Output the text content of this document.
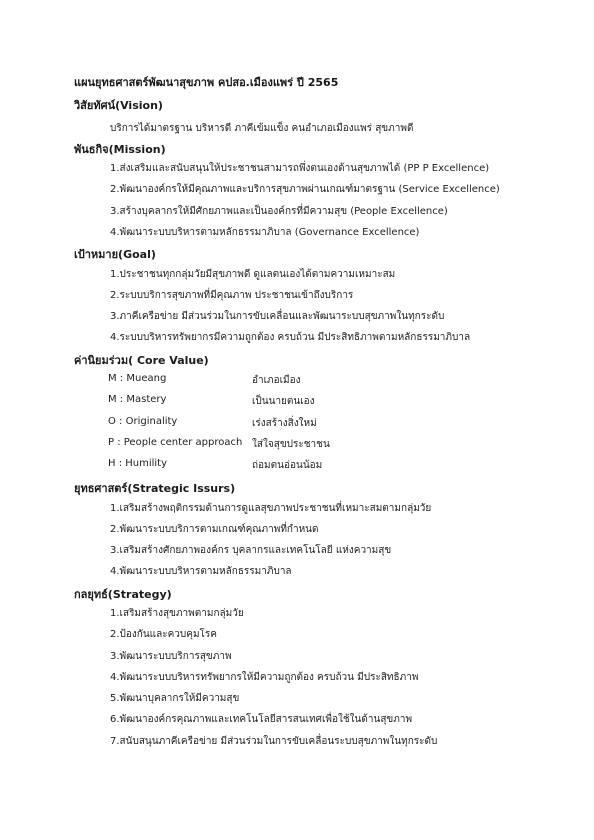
แผนยุทธศาสตร์พัฒนาสุขภาพ คปสอ.เมืองแพร่ ปี 2565
วิสัยทัศน์(Vision)
บริการได้มาตรฐาน บริหารดี ภาคีเข้มแข็ง คนอำเภอเมืองแพร่ สุขภาพดี
พันธกิจ(Mission)
1.ส่งเสริมและสนับสนุนให้ประชาชนสามารถพึ่งตนเองด้านสุขภาพได้ (PP P Excellence)
2.พัฒนาองค์กรให้มีคุณภาพและบริการสุขภาพผ่านเกณฑ์มาตรฐาน (Service Excellence)
3.สร้างบุคลากรให้มีศักยภาพและเป็นองค์กรที่มีความสุข (People Excellence)
4.พัฒนาระบบบริหารตามหลักธรรมาภิบาล (Governance Excellence)
เป้าหมาย(Goal)
1.ประชาชนทุกกลุ่มวัยมีสุขภาพดี ดูแลตนเองได้ตามความเหมาะสม
2.ระบบบริการสุขภาพที่มีคุณภาพ ประชาชนเข้าถึงบริการ
3.ภาคีเครือข่าย มีส่วนร่วมในการขับเคลื่อนและพัฒนาระบบสุขภาพในทุกระดับ
4.ระบบบริหารทรัพยากรมีความถูกต้อง ครบถ้วน มีประสิทธิภาพตามหลักธรรมาภิบาล
ค่านิยมร่วม( Core Value)
M : Mueang	อำเภอเมือง
M : Mastery	เป็นนายตนเอง
O : Originality	เร่งสร้างสิ่งใหม่
P : People center approach ใส่ใจสุขประชาชน
H : Humility	ถ่อมตนอ่อนน้อม
ยุทธศาสตร์(Strategic Issurs)
1.เสริมสร้างพฤติกรรมด้านการดูแลสุขภาพประชาชนที่เหมาะสมตามกลุ่มวัย
2.พัฒนาระบบบริการตามเกณฑ์คุณภาพที่กำหนด
3.เสริมสร้างศักยภาพองค์กร บุคลากรและเทคโนโลยี แห่งความสุข
4.พัฒนาระบบบริหารตามหลักธรรมาภิบาล
กลยุทธ์(Strategy)
1.เสริมสร้างสุขภาพตามกลุ่มวัย
2.ป้องกันและควบคุมโรค
3.พัฒนาระบบบริการสุขภาพ
4.พัฒนาระบบบริหารทรัพยากรให้มีความถูกต้อง ครบถ้วน มีประสิทธิภาพ
5.พัฒนาบุคลากรให้มีความสุข
6.พัฒนาองค์กรคุณภาพและเทคโนโลยีสารสนเทศเพื่อใช้ในด้านสุขภาพ
7.สนับสนุนภาคีเครือข่าย มีส่วนร่วมในการขับเคลื่อนระบบสุขภาพในทุกระดับ
